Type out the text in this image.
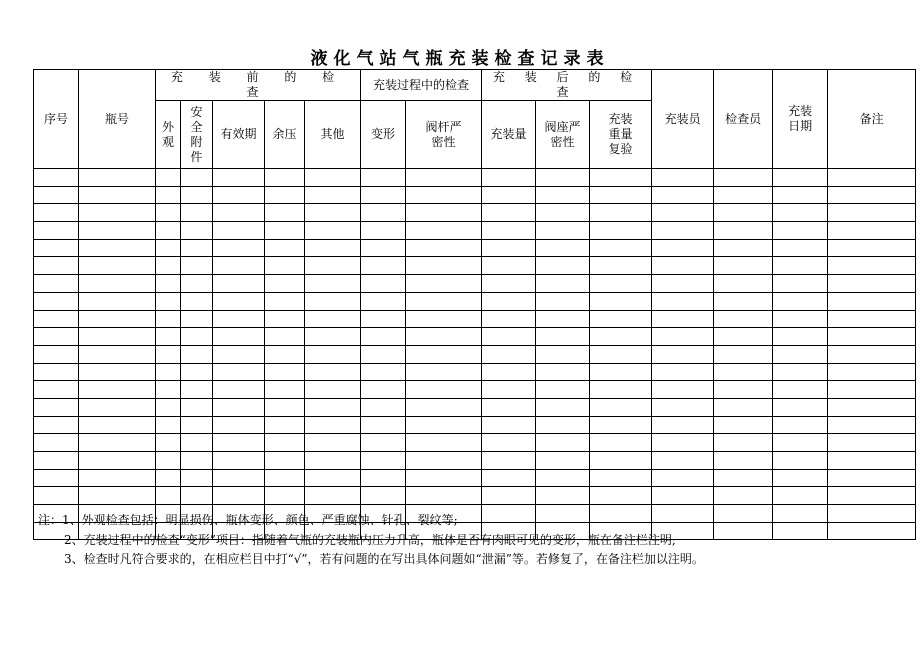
液化气站气瓶充装检查记录表
序号	瓶号	充 装 前 的 检 查					充装过程中的检查		充 装 后 的 检 查			充装员	检查员	充装日期	备注

		外观	安全附件	有效期	余压	其他	变形	阀杆严密性	充装量	阀座严密性	充装重量复验				

注：1、外观检查包括：明显损伤、瓶体变形、颜色、严重腐蚀、针孔、裂纹等;
2、充装过程中的检查“变形”项目：指随着气瓶的充装瓶内压力升高，瓶体是否有肉眼可见的变形，瓶在备注栏注明;
3、检查时凡符合要求的，在相应栏目中打“√”，若有问题的在写出具体问题如“泄漏”等。若修复了，在备注栏加以注明。
